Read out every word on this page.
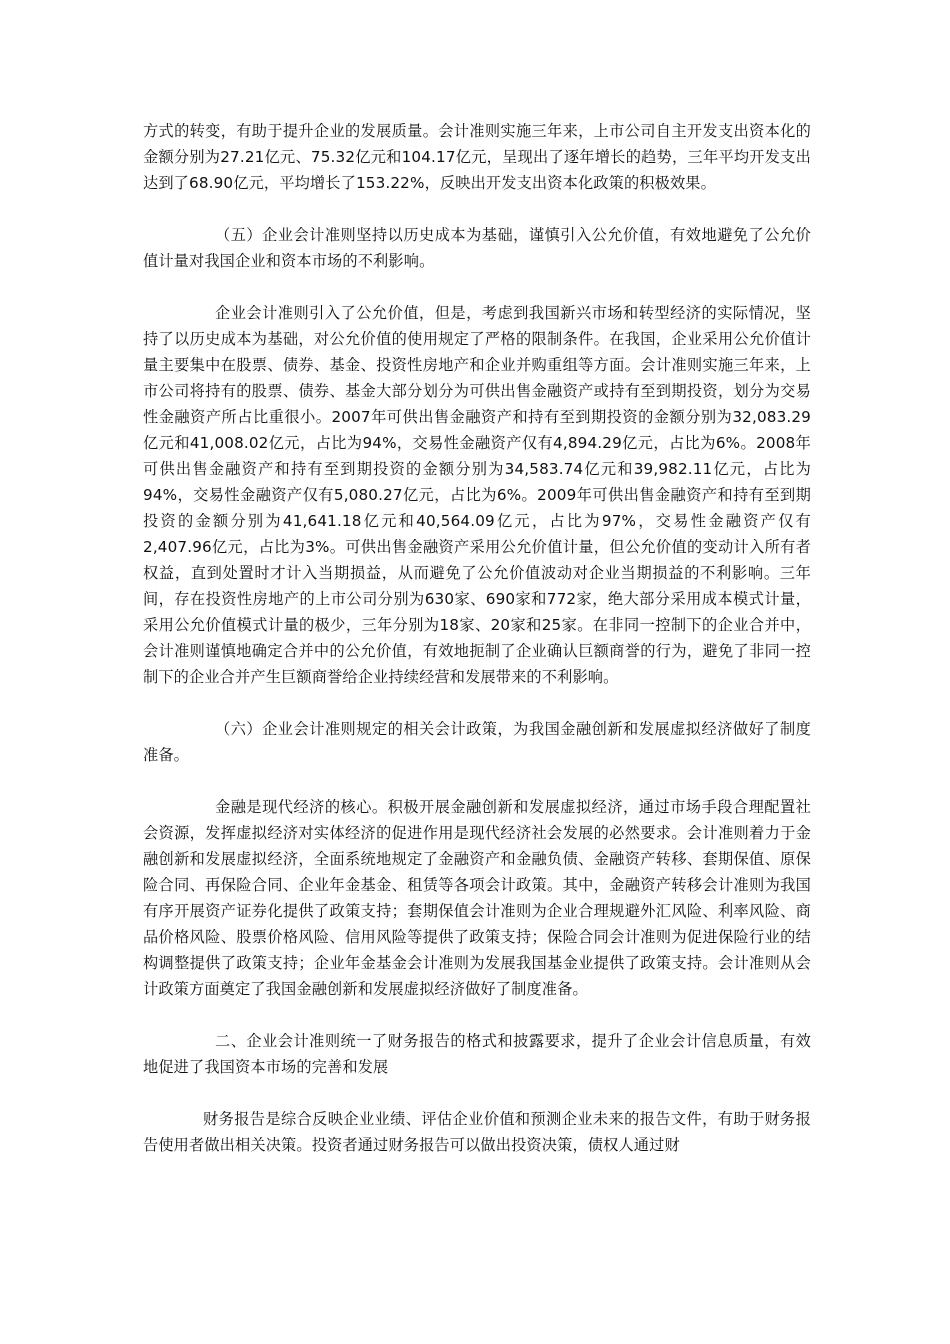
方式的转变，有助于提升企业的发展质量。会计准则实施三年来，上市公司自主开发支出资本化的金额分别为27.21亿元、75.32亿元和104.17亿元，呈现出了逐年增长的趋势，三年平均开发支出达到了68.90亿元，平均增长了153.22%，反映出开发支出资本化政策的积极效果。

（五）企业会计准则坚持以历史成本为基础，谨慎引入公允价值，有效地避免了公允价值计量对我国企业和资本市场的不利影响。

企业会计准则引入了公允价值，但是，考虑到我国新兴市场和转型经济的实际情况，坚持了以历史成本为基础，对公允价值的使用规定了严格的限制条件。在我国，企业采用公允价值计量主要集中在股票、债券、基金、投资性房地产和企业并购重组等方面。会计准则实施三年来，上市公司将持有的股票、债券、基金大部分划分为可供出售金融资产或持有至到期投资，划分为交易性金融资产所占比重很小。2007年可供出售金融资产和持有至到期投资的金额分别为32,083.29亿元和41,008.02亿元，占比为94%，交易性金融资产仅有4,894.29亿元，占比为6%。2008年可供出售金融资产和持有至到期投资的金额分别为34,583.74亿元和39,982.11亿元，占比为94%，交易性金融资产仅有5,080.27亿元，占比为6%。2009年可供出售金融资产和持有至到期投资的金额分别为41,641.18亿元和40,564.09亿元，占比为97%，交易性金融资产仅有2,407.96亿元，占比为3%。可供出售金融资产采用公允价值计量，但公允价值的变动计入所有者权益，直到处置时才计入当期损益，从而避免了公允价值波动对企业当期损益的不利影响。三年间，存在投资性房地产的上市公司分别为630家、690家和772家，绝大部分采用成本模式计量，采用公允价值模式计量的极少，三年分别为18家、20家和25家。在非同一控制下的企业合并中，会计准则谨慎地确定合并中的公允价值，有效地扼制了企业确认巨额商誉的行为，避免了非同一控制下的企业合并产生巨额商誉给企业持续经营和发展带来的不利影响。

（六）企业会计准则规定的相关会计政策，为我国金融创新和发展虚拟经济做好了制度准备。

金融是现代经济的核心。积极开展金融创新和发展虚拟经济，通过市场手段合理配置社会资源，发挥虚拟经济对实体经济的促进作用是现代经济社会发展的必然要求。会计准则着力于金融创新和发展虚拟经济，全面系统地规定了金融资产和金融负债、金融资产转移、套期保值、原保险合同、再保险合同、企业年金基金、租赁等各项会计政策。其中，金融资产转移会计准则为我国有序开展资产证券化提供了政策支持；套期保值会计准则为企业合理规避外汇风险、利率风险、商品价格风险、股票价格风险、信用风险等提供了政策支持；保险合同会计准则为促进保险行业的结构调整提供了政策支持；企业年金基金会计准则为发展我国基金业提供了政策支持。会计准则从会计政策方面奠定了我国金融创新和发展虚拟经济做好了制度准备。

二、企业会计准则统一了财务报告的格式和披露要求，提升了企业会计信息质量，有效地促进了我国资本市场的完善和发展

财务报告是综合反映企业业绩、评估企业价值和预测企业未来的报告文件，有助于财务报告使用者做出相关决策。投资者通过财务报告可以做出投资决策，债权人通过财
